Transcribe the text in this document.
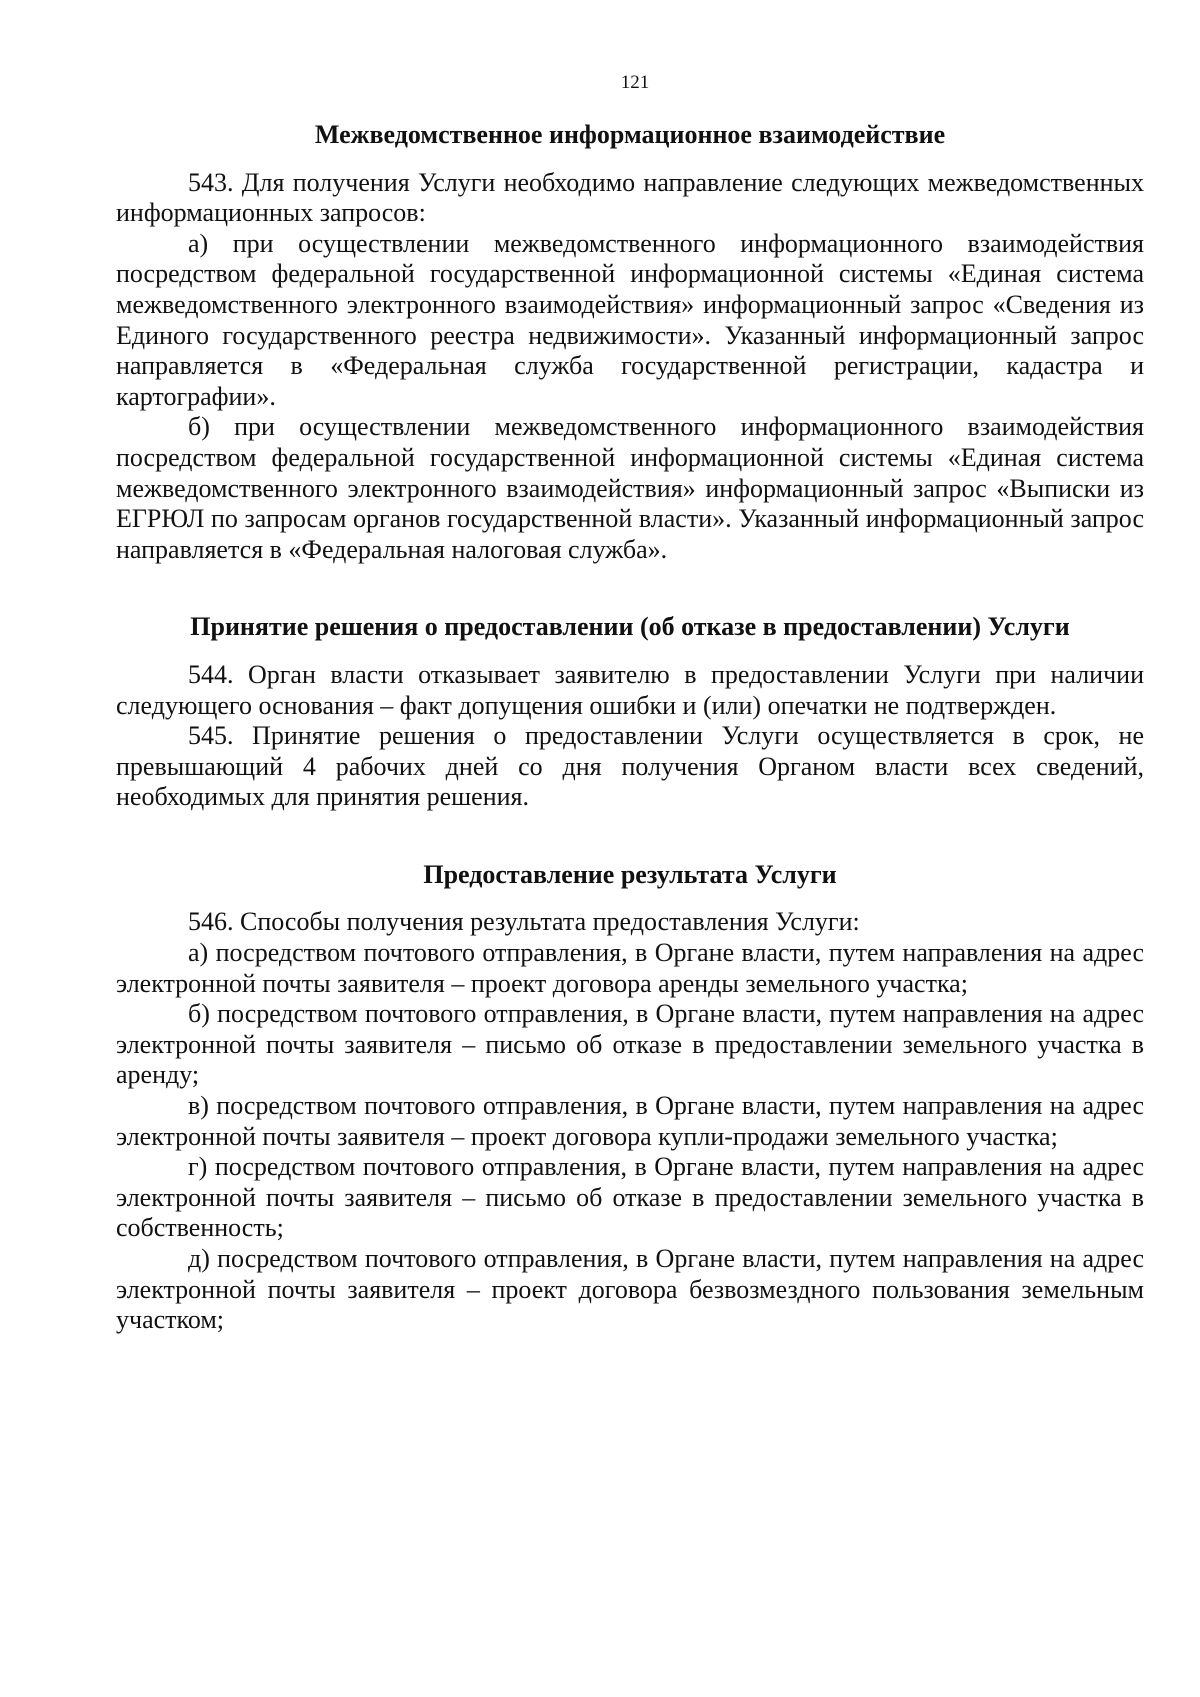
121
Межведомственное информационное взаимодействие

543. Для получения Услуги необходимо направление следующих межведомственных информационных запросов:

а) при осуществлении межведомственного информационного взаимодействия посредством федеральной государственной информационной системы «Единая система межведомственного электронного взаимодействия» информационный запрос «Сведения из Единого государственного реестра недвижимости». Указанный информационный запрос направляется в «Федеральная служба государственной регистрации, кадастра и картографии».

б) при осуществлении межведомственного информационного взаимодействия посредством федеральной государственной информационной системы «Единая система межведомственного электронного взаимодействия» информационный запрос «Выписки из ЕГРЮЛ по запросам органов государственной власти». Указанный информационный запрос направляется в «Федеральная налоговая служба».

Принятие решения о предоставлении (об отказе в предоставлении) Услуги

544. Орган власти отказывает заявителю в предоставлении Услуги при наличии следующего основания – факт допущения ошибки и (или) опечатки не подтвержден.

545. Принятие решения о предоставлении Услуги осуществляется в срок, не превышающий 4 рабочих дней со дня получения Органом власти всех сведений, необходимых для принятия решения.

Предоставление результата Услуги

546. Способы получения результата предоставления Услуги:

а) посредством почтового отправления, в Органе власти, путем направления на адрес электронной почты заявителя – проект договора аренды земельного участка;

б) посредством почтового отправления, в Органе власти, путем направления на адрес электронной почты заявителя – письмо об отказе в предоставлении земельного участка в аренду;

в) посредством почтового отправления, в Органе власти, путем направления на адрес электронной почты заявителя – проект договора купли-продажи земельного участка;

г) посредством почтового отправления, в Органе власти, путем направления на адрес электронной почты заявителя – письмо об отказе в предоставлении земельного участка в собственность;

д) посредством почтового отправления, в Органе власти, путем направления на адрес электронной почты заявителя – проект договора безвозмездного пользования земельным участком;
